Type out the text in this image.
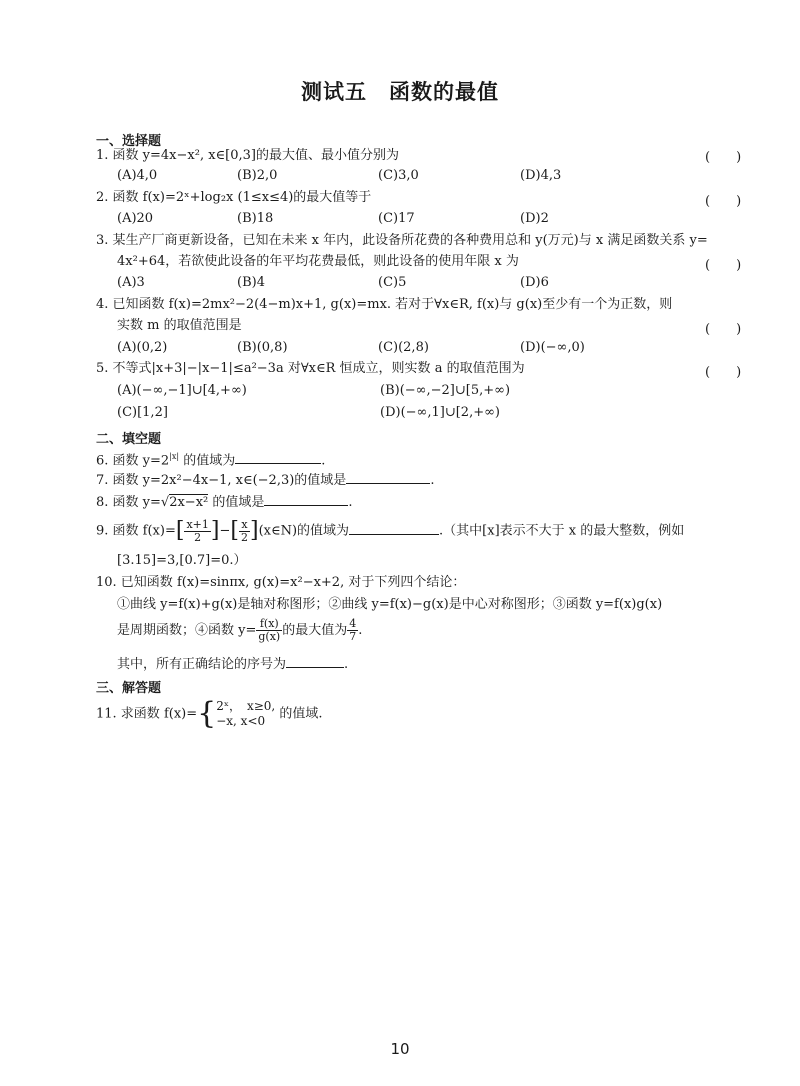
测试五　函数的最值
一、选择题
1. 函数 y=4x−x², x∈[0,3]的最大值、最小值分别为	(　　)
(A)4,0	(B)2,0	(C)3,0	(D)4,3
2. 函数 f(x)=2ˣ+log₂x (1≤x≤4)的最大值等于	(　　)
(A)20	(B)18	(C)17	(D)2
3. 某生产厂商更新设备，已知在未来 x 年内，此设备所花费的各种费用总和 y(万元)与 x 满足函数关系 y=
4x²+64，若欲使此设备的年平均花费最低，则此设备的使用年限 x 为	(　　)
(A)3	(B)4	(C)5	(D)6
4. 已知函数 f(x)=2mx²−2(4−m)x+1, g(x)=mx. 若对于∀x∈R, f(x)与 g(x)至少有一个为正数，则
实数 m 的取值范围是	(　　)
(A)(0,2)	(B)(0,8)	(C)(2,8)	(D)(−∞,0)
5. 不等式|x+3|−|x−1|≤a²−3a 对∀x∈R 恒成立，则实数 a 的取值范围为	(　　)
(A)(−∞,−1]∪[4,+∞)	(B)(−∞,−2]∪[5,+∞)
(C)[1,2]	(D)(−∞,1]∪[2,+∞)
二、填空题
6. 函数 $y=2^{|x|}$ 的值域为	.
7. 函数 y=2x²−4x−1, x∈(−2,3)的值域是	.
8. 函数 y=√2x−x² 的值域是	.
9. 函数 $f(x)=[ \frac{x+1}{2}$ ]−[ $\frac{x}{2}$ ](x∈N)的值域为	.（其中[x]表示不大于 x 的最大整数，例如
[3.15]=3,[0.7]=0.）
10. 已知函数 f(x)=sinπx, g(x)=x²−x+2, 对于下列四个结论：
①曲线 y=f(x)+g(x)是轴对称图形；②曲线 y=f(x)−g(x)是中心对称图形；③函数 y=f(x)g(x)
是周期函数；④函数 $y= \frac{f(x)}{g(x)}$ 的最大值为 $\frac{4}{7}$ .
其中，所有正确结论的序号为	.
三、解答题
11. 求函数 f(x)={ 2ˣ，　x≥0,
−x, x<0 的值域.
10
